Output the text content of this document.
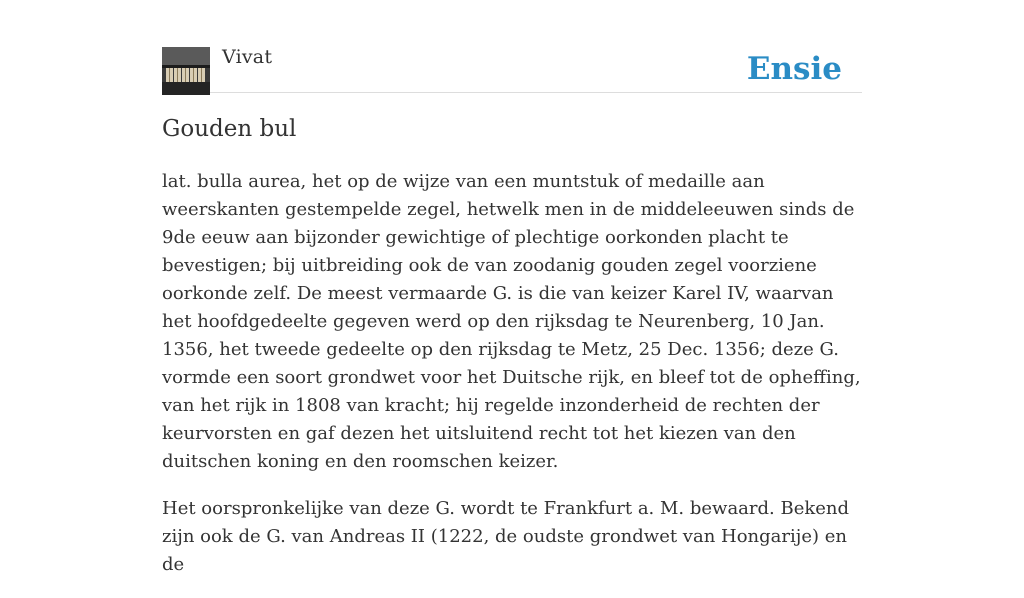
Vivat	Ensie
Gouden bul

lat. bulla aurea, het op de wijze van een muntstuk of medaille aan weerskanten gestempelde zegel, hetwelk men in de middeleeuwen sinds de 9de eeuw aan bijzonder gewichtige of plechtige oorkonden placht te bevestigen; bij uitbreiding ook de van zoodanig gouden zegel voorziene oorkonde zelf. De meest vermaarde G. is die van keizer Karel IV, waarvan het hoofdgedeelte gegeven werd op den rijksdag te Neurenberg, 10 Jan. 1356, het tweede gedeelte op den rijksdag te Metz, 25 Dec. 1356; deze G. vormde een soort grondwet voor het Duitsche rijk, en bleef tot de opheffing, van het rijk in 1808 van kracht; hij regelde inzonderheid de rechten der keurvorsten en gaf dezen het uitsluitend recht tot het kiezen van den duitschen koning en den roomschen keizer.

Het oorspronkelijke van deze G. wordt te Frankfurt a. M. bewaard. Bekend zijn ook de G. van Andreas II (1222, de oudste grondwet van Hongarije) en de
